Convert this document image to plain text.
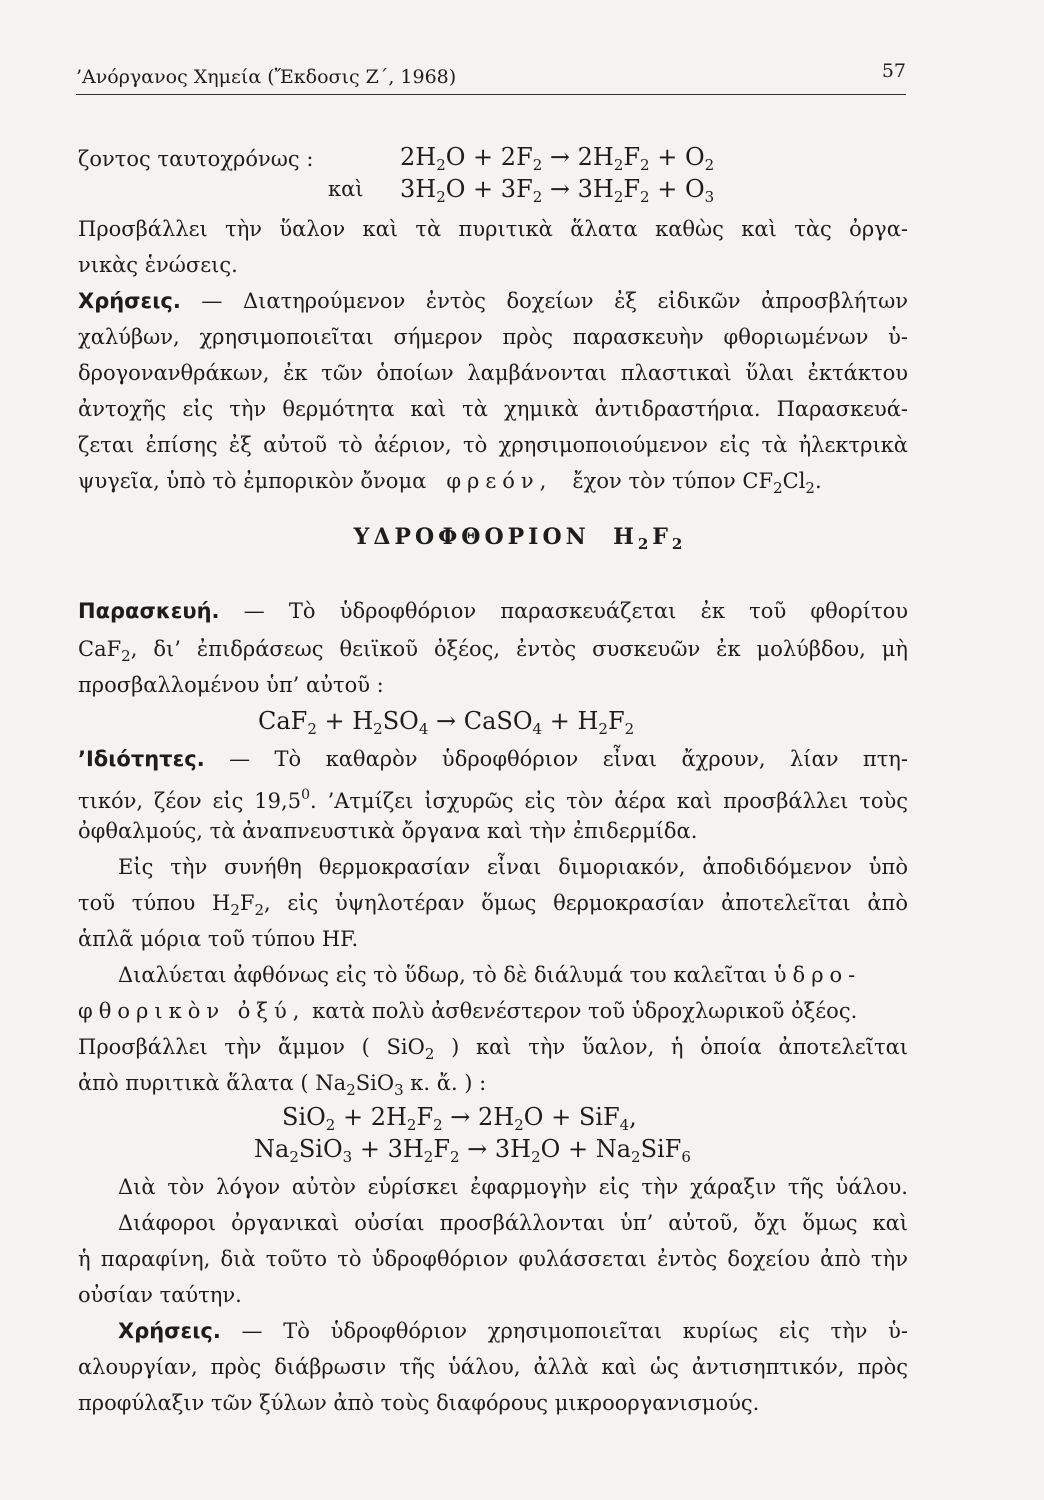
’Ανόργανος Χημεία (Ἔκδοσις Ζ΄, 1968)	57
ζοντος ταυτοχρόνως :	$2H_2O + 2F_2 \to 2H_2F_2 + O_2$
καὶ $3H_2O + 3F_2 \to 3H_2F_2 + O_3$
Προσβάλλει τὴν ὕαλον καὶ τὰ πυριτικὰ ἅλατα καθὼς καὶ τὰς ὀργα-
νικὰς ἑνώσεις.
Χρήσεις. — Διατηρούμενον ἐντὸς δοχείων ἐξ εἰδικῶν ἀπροσβλήτων
χαλύβων, χρησιμοποιεῖται σήμερον πρὸς παρασκευὴν φθοριωμένων ὑ-
δρογονανθράκων, ἐκ τῶν ὁποίων λαμβάνονται πλαστικαὶ ὕλαι ἐκτάκτου
ἀντοχῆς εἰς τὴν θερμότητα καὶ τὰ χημικὰ ἀντιδραστήρια. Παρασκευά-
ζεται ἐπίσης ἐξ αὐτοῦ τὸ ἀέριον, τὸ χρησιμοποιούμενον εἰς τὰ ἠλεκτρικὰ
ψυγεῖα, ὑπὸ τὸ ἐμπορικὸν ὄνομα φρεόν, ἔχον τὸν τύπον $CF_2Cl_2$.
ΥΔΡΟΦΘΟΡΙΟΝ $H_2F_2$
Παρασκευή. — Τὸ ὑδροφθόριον παρασκευάζεται ἐκ τοῦ φθορίτου
CaF$_2$, δι’ ἐπιδράσεως θειϊκοῦ ὀξέος, ἐντὸς συσκευῶν ἐκ μολύβδου, μὴ
προσβαλλομένου ὑπ’ αὐτοῦ :
$CaF_2 + H_2SO_4$ → CaSO$_4$ + $H_2F_2$
’Ιδιότητες. — Τὸ καθαρὸν ὑδροφθόριον εἶναι ἄχρουν, λίαν πτη-
τικόν, ζέον εἰς 19,5$^0$. ’Ατμίζει ἰσχυρῶς εἰς τὸν ἀέρα καὶ προσβάλλει τοὺς
ὀφθαλμούς, τὰ ἀναπνευστικὰ ὄργανα καὶ τὴν ἐπιδερμίδα.
Εἰς τὴν συνήθη θερμοκρασίαν εἶναι διμοριακόν, ἀποδιδόμενον ὑπὸ
τοῦ τύπου $H_2F_2$, εἰς ὑψηλοτέραν ὅμως θερμοκρασίαν ἀποτελεῖται ἀπὸ
ἁπλᾶ μόρια τοῦ τύπου HF.
Διαλύεται ἀφθόνως εἰς τὸ ὕδωρ, τὸ δὲ διάλυμά του καλεῖται ὑδρο-
φθορικὸν ὀξύ, κατὰ πολὺ ἀσθενέστερον τοῦ ὑδροχλωρικοῦ ὀξέος.
Προσβάλλει τὴν ἄμμον ( SiO$_2$ ) καὶ τὴν ὕαλον, ἡ ὁποία ἀποτελεῖται
ἀπὸ πυριτικὰ ἅλατα ( $Na_2SiO_3$ κ. ἄ. ) :
$SiO_2 + 2H_2F_2 \to 2H_2O + SiF_4$,
$Na_2SiO_3 + 3H_2F_2 \to 3H_2O + Na_2SiF_6$
Διὰ τὸν λόγον αὐτὸν εὑρίσκει ἐφαρμογὴν εἰς τὴν χάραξιν τῆς ὑάλου.
Διάφοροι ὀργανικαὶ οὐσίαι προσβάλλονται ὑπ’ αὐτοῦ, ὄχι ὅμως καὶ
ἡ παραφίνη, διὰ τοῦτο τὸ ὑδροφθόριον φυλάσσεται ἐντὸς δοχείου ἀπὸ τὴν
οὐσίαν ταύτην.
Χρήσεις. — Τὸ ὑδροφθόριον χρησιμοποιεῖται κυρίως εἰς τὴν ὑ-
αλουργίαν, πρὸς διάβρωσιν τῆς ὑάλου, ἀλλὰ καὶ ὡς ἀντισηπτικόν, πρὸς
προφύλαξιν τῶν ξύλων ἀπὸ τοὺς διαφόρους μικροοργανισμούς.
